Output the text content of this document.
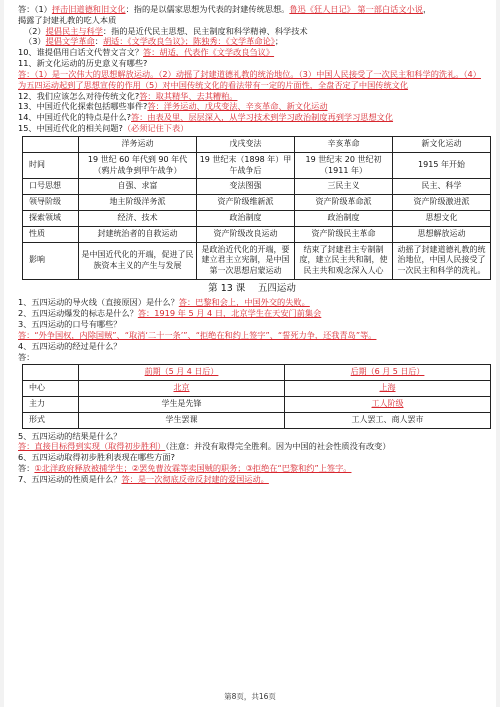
答：（1）抨击旧道德和旧文化：指的是以儒家思想为代表的封建传统思想。鲁迅《狂人日记》 第一部白话文小说，
揭露了封建礼教的吃人本质
（2）提倡民主与科学：指的是近代民主思想、民主制度和科学精神、科学技术
（3）提倡文学革命：胡适：《文学改良刍议》；陈独秀：《文学革命论》；
10、谁提倡用白话文代替文言文？答：胡适，代表作《文学改良刍议》
11、新文化运动的历史意义有哪些?
答：（1）是一次伟大的思想解放运动。（2）动摇了封建道德礼教的统治地位。（3）中国人民接受了一次民主和科学的洗礼。（4）为五四运动起到了思想宣传的作用（5）对中国传统文化的看法带有一定的片面性，全盘否定了中国传统文化
12、我们应该怎么对待传统文化?答：取其精华、去其糟粕。
13、中国近代化探索包括哪些事件?答：洋务运动、戊戌变法、辛亥革命、新文化运动
14、中国近代化的特点是什么?答：由表及里、层层深入，从学习技术到学习政治制度再到学习思想文化
15、中国近代化的相关问题?（必须记住下表）
	洋务运动	戊戌变法	辛亥革命	新文化运动
时间	19 世纪 60 年代到 90 年代（鸦片战争到甲午战争）	19 世纪末（1898 年）甲午战争后	19 世纪末 20 世纪初（1911 年）	1915 年开始
口号思想	自强、求富	变法图强	三民主义	民主、科学
领导阶级	地主阶级洋务派	资产阶级维新派	资产阶级革命派	资产阶级激进派
探索领域	经济、技术	政治制度	政治制度	思想文化
性质	封建统治者的自救运动	资产阶级改良运动	资产阶级民主革命	思想解放运动
影响	是中国近代化的开端，促进了民族资本主义的产生与发展	是政治近代化的开端，要建立君主立宪制，是中国第一次思想启蒙运动	结束了封建君主专制制度，建立民主共和制，使民主共和观念深入人心	动摇了封建道德礼教的统治地位，中国人民接受了一次民主和科学的洗礼。
第 13 课　 五四运动
1、五四运动的导火线（直接原因）是什么？答：巴黎和会上，中国外交的失败。
2、五四运动爆发的标志是什么？答：1919 年 5 月 4 日，北京学生在天安门前集会
3、五四运动的口号有哪些？
答：“外争国权，内除国贼”、“取消‘二十一条’”、“拒绝在和约上签字”、“誓死力争，还我青岛”等。
4、五四运动的经过是什么？
答：
	前期（5 月 4 日后）	后期（6 月 5 日后）
中心	北京	上海
主力	学生是先锋	工人阶级
形式	学生罢课	工人罢工、商人罢市
5、五四运动的结果是什么？
答：直接目标得到实现（取得初步胜利）（注意：并没有取得完全胜利。因为中国的社会性质没有改变）
6、五四运动取得初步胜利表现在哪些方面?
答：①北洋政府释放被捕学生；②罢免曹汝霖等卖国贼的职务；③拒绝在“巴黎和约”上签字。
7、五四运动的性质是什么？答：是一次彻底反帝反封建的爱国运动。
第8页，共16页
